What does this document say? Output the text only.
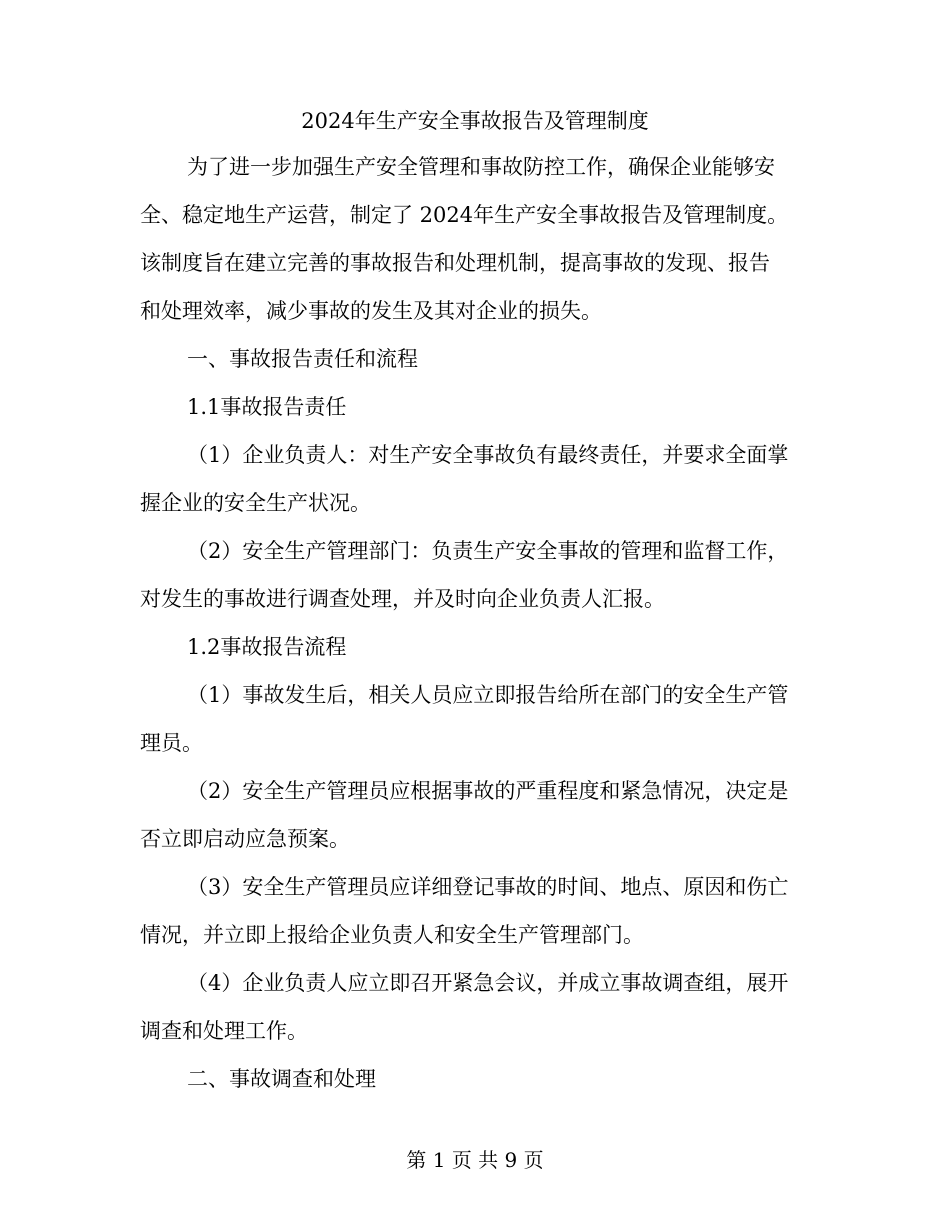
2024年生产安全事故报告及管理制度
为了进一步加强生产安全管理和事故防控工作，确保企业能够安
全、稳定地生产运营，制定了 2024年生产安全事故报告及管理制度。
该制度旨在建立完善的事故报告和处理机制，提高事故的发现、报告
和处理效率，减少事故的发生及其对企业的损失。
一、事故报告责任和流程
1.1事故报告责任
（1）企业负责人：对生产安全事故负有最终责任，并要求全面掌
握企业的安全生产状况。
（2）安全生产管理部门：负责生产安全事故的管理和监督工作，
对发生的事故进行调查处理，并及时向企业负责人汇报。
1.2事故报告流程
（1）事故发生后，相关人员应立即报告给所在部门的安全生产管
理员。
（2）安全生产管理员应根据事故的严重程度和紧急情况，决定是
否立即启动应急预案。
（3）安全生产管理员应详细登记事故的时间、地点、原因和伤亡
情况，并立即上报给企业负责人和安全生产管理部门。
（4）企业负责人应立即召开紧急会议，并成立事故调查组，展开
调查和处理工作。
二、事故调查和处理
第 1 页 共 9 页
